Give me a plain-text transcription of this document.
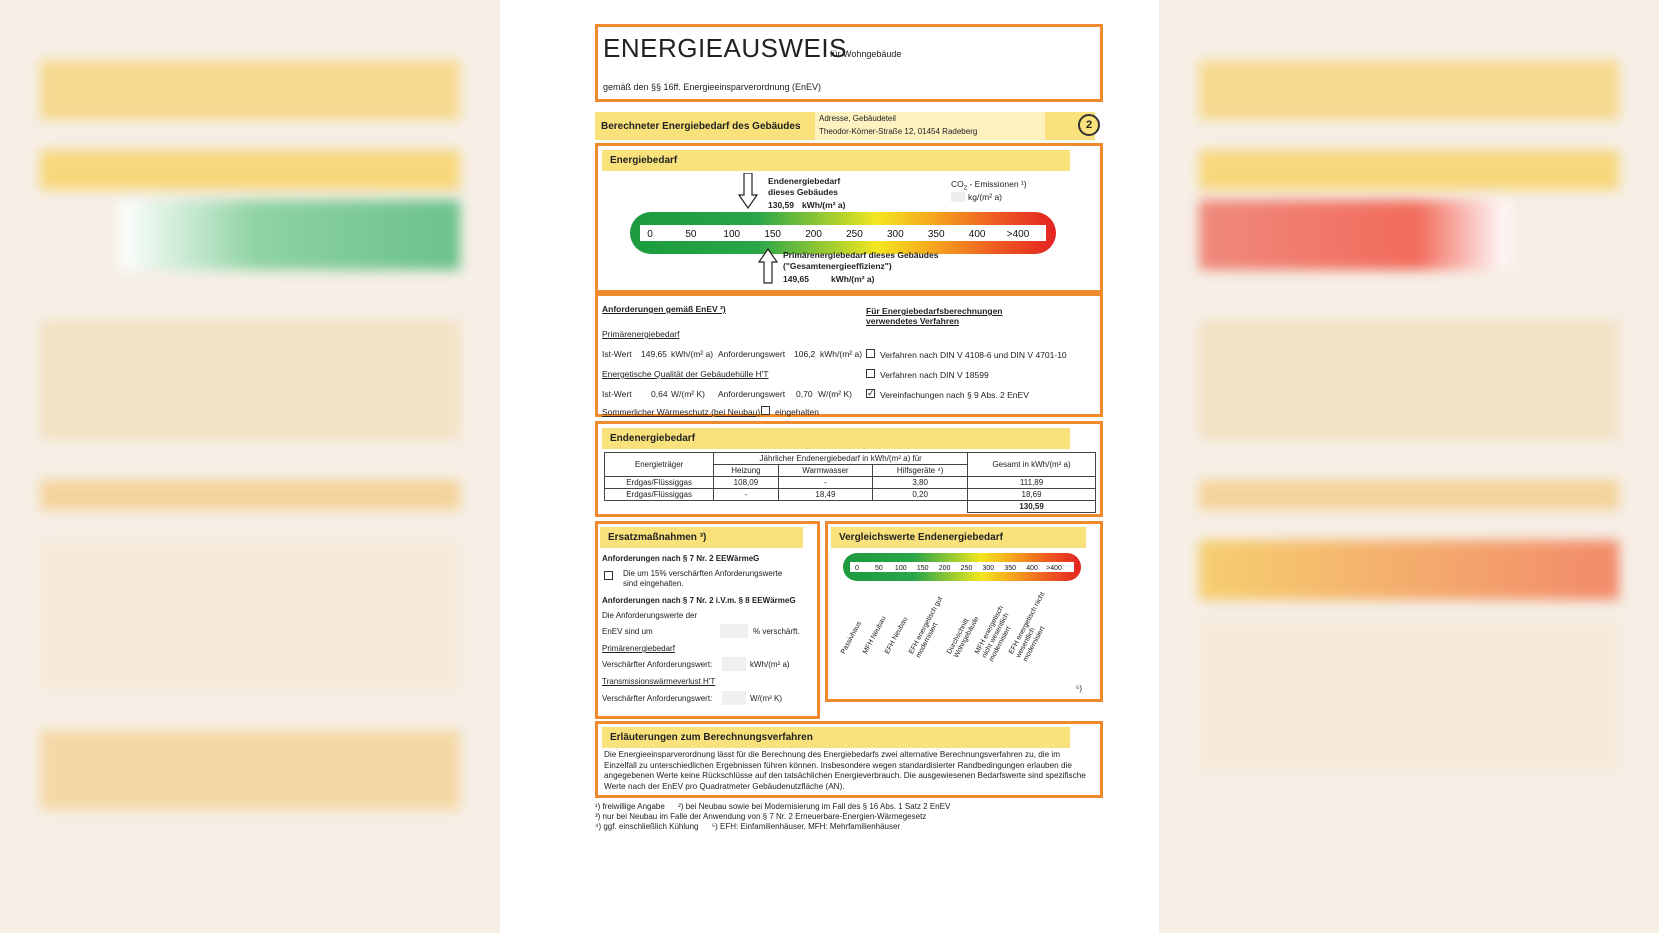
ENERGIEAUSWEIS
für Wohngebäude
gemäß den §§ 16ff. Energieeinsparverordnung (EnEV)
Berechneter Energiebedarf des Gebäudes
Adresse, Gebäudeteil
Theodor-Körner-Straße 12, 01454 Radeberg
2
Energiebedarf
Endenergiebedarf
dieses Gebäudes
130,59 kWh/(m² a)
$CO_2$ - Emissionen ¹)
kg/(m² a)
0	50	100 150 200 250 300 350 400 >400
Primärenergiebedarf dieses Gebäudes
("Gesamtenergieeffizienz")
149,65	kWh/(m² a)
Anforderungen gemäß EnEV ²)
Primärenergiebedarf
Ist-Wert 149,65 kWh/(m² a) Anforderungswert 106,2 kWh/(m² a)
Energetische Qualität der Gebäudehülle H'T
Ist-Wert 0,64 W/(m² K) Anforderungswert 0,70 W/(m² K)
Sommerlicher Wärmeschutz (bei Neubau) eingehalten
Für Energiebedarfsberechnungen
verwendetes Verfahren
Verfahren nach DIN V 4108-6 und DIN V 4701-10
Verfahren nach DIN V 18599
✓ Vereinfachungen nach § 9 Abs. 2 EnEV
Endenergiebedarf
Energieträger	Jährlicher Endenergiebedarf in kWh/(m² a) für			Gesamt in kWh/(m² a)
	Heizung	Warmwasser	Hilfsgeräte ⁴)	
Erdgas/Flüssiggas	108,09	-	3,80	111,89
Erdgas/Flüssiggas	-	18,49	0,20	18,69
				130,59
Ersatzmaßnahmen ³)
Anforderungen nach § 7 Nr. 2 EEWärmeG
Die um 15% verschärften Anforderungswerte
sind eingehalten.
Anforderungen nach § 7 Nr. 2 i.V.m. § 8 EEWärmeG
Die Anforderungswerte der
EnEV sind um	% verschärft.
Primärenergiebedarf
Verschärfter Anforderungswert:	kWh/(m² a)
Transmissionswärmeverlust H'T
Verschärfter Anforderungswert:	W/(m² K)
Vergleichswerte Endenergiebedarf
0 50 100 150 200 250 300 350 400 >400
Passivhaus MFH Neubau
EFH Neubau
EFH energetisch gut modernisiert Durchschnitt Wohngebäude
MFH energetisch nicht wesentlich modernisiert
EFH energetisch nicht wesentlich modernisiert
⁵)
Erläuterungen zum Berechnungsverfahren
Die Energieeinsparverordnung lässt für die Berechnung des Energiebedarfs zwei alternative Berechnungsverfahren zu, die im Einzelfall zu unterschiedlichen Ergebnissen führen können. Insbesondere wegen standardisierter Randbedingungen erlauben die angegebenen Werte keine Rückschlüsse auf den tatsächlichen Energieverbrauch. Die ausgewiesenen Bedarfswerte sind spezifische Werte nach der EnEV pro Quadratmeter Gebäudenutzfläche (AN).
¹) freiwillige Angabe      ²) bei Neubau sowie bei Modernisierung im Fall des § 16 Abs. 1 Satz 2 EnEV
³) nur bei Neubau im Falle der Anwendung von § 7 Nr. 2 Erneuerbare-Energien-Wärmegesetz
⁴) ggf. einschließlich Kühlung      ⁵) EFH: Einfamilienhäuser, MFH: Mehrfamilienhäuser
